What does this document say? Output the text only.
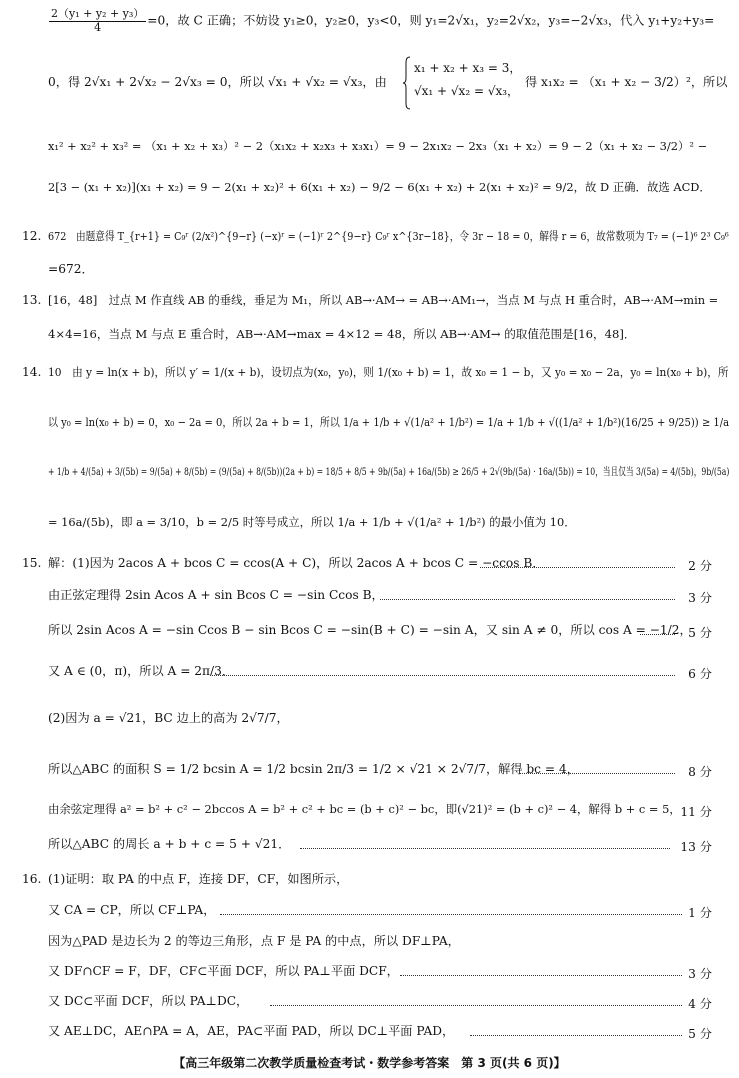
$\frac{\text{2（y₁ + y₂ + y₃）}}{4} =0$，故 C 正确；不妨设 y₁≥0，y₂≥0，y₃<0，则 y₁=2√x₁，y₂=2√x₂，y₃=−2√x₃，代入 y₁+y₂+y₃=
0，得 2√x₁ + 2√x₂ − 2√x₃ = 0，所以 √x₁ + √x₂ = √x₃，由
x₁ + x₂ + x₃ = 3，
√x₁ + √x₂ = √x₃，
得 x₁x₂ = （x₁ + x₂ − 3/2）²，所以
x₁² + x₂² + x₃² = （x₁ + x₂ + x₃）² − 2（x₁x₂ + x₂x₃ + x₃x₁）= 9 − 2x₁x₂ − 2x₃（x₁ + x₂）= 9 − 2（x₁ + x₂ − 3/2）² −
2[3 − (x₁ + x₂)](x₁ + x₂) = 9 − 2(x₁ + x₂)² + 6(x₁ + x₂) − 9/2 − 6(x₁ + x₂) + 2(x₁ + x₂)² = 9/2，故 D 正确．故选 ACD．
12. 672　由题意得 T_{r+1} = C₉ʳ (2/x²)^{9−r} (−x)ʳ = (−1)ʳ 2^{9−r} C₉ʳ x^{3r−18}，令 3r − 18 = 0，解得 r = 6，故常数项为 T₇ = (−1)⁶ 2³ C₉⁶
=672．
13. [16，48]　过点 M 作直线 AB 的垂线，垂足为 M₁，所以 AB→·AM→ = AB→·AM₁→，当点 M 与点 H 重合时，AB→·AM→min =
4×4=16，当点 M 与点 E 重合时，AB→·AM→max = 4×12 = 48，所以 AB→·AM→ 的取值范围是[16，48]．
14. 10　由 y = ln(x + b)，所以 y′ = 1/(x + b)，设切点为(x₀，y₀)，则 1/(x₀ + b) = 1，故 x₀ = 1 − b，又 y₀ = x₀ − 2a，y₀ = ln(x₀ + b)，所
以 y₀ = ln(x₀ + b) = 0，x₀ − 2a = 0，所以 2a + b = 1，所以 1/a + 1/b + √(1/a² + 1/b²) = 1/a + 1/b + √((1/a² + 1/b²)(16/25 + 9/25)) ≥ 1/a
+ 1/b + 4/(5a) + 3/(5b) = 9/(5a) + 8/(5b) = (9/(5a) + 8/(5b))(2a + b) = 18/5 + 8/5 + 9b/(5a) + 16a/(5b) ≥ 26/5 + 2√(9b/(5a) · 16a/(5b)) = 10，当且仅当 3/(5a) = 4/(5b)，9b/(5a)
= 16a/(5b)，即 a = 3/10，b = 2/5 时等号成立，所以 1/a + 1/b + √(1/a² + 1/b²) 的最小值为 10．
15. 解：(1)因为 2acos A + bcos C = ccos(A + C)，所以 2acos A + bcos C = −ccos B．	2 分
由正弦定理得 2sin Acos A + sin Bcos C = −sin Ccos B，	3 分
所以 2sin Acos A = −sin Ccos B − sin Bcos C = −sin(B + C) = −sin A，又 sin A ≠ 0，所以 cos A = −1/2，
5 分
又 A ∈ (0，π)，所以 A = 2π/3．	6 分
(2)因为 a = √21，BC 边上的高为 2√7/7，
所以△ABC 的面积 S = 1/2 bcsin A = 1/2 bcsin 2π/3 = 1/2 × √21 × 2√7/7，解得 bc = 4，	8 分
由余弦定理得 a² = b² + c² − 2bccos A = b² + c² + bc = (b + c)² − bc，即(√21)² = (b + c)² − 4，解得 b + c = 5， 11 分
所以△ABC 的周长 a + b + c = 5 + √21．	13 分
16. (1)证明：取 PA 的中点 F，连接 DF，CF，如图所示，
又 CA = CP，所以 CF⊥PA，	1 分
因为△PAD 是边长为 2 的等边三角形，点 F 是 PA 的中点，所以 DF⊥PA，
又 DF∩CF = F，DF，CF⊂平面 DCF，所以 PA⊥平面 DCF，	3 分
又 DC⊂平面 DCF，所以 PA⊥DC，	4 分
又 AE⊥DC，AE∩PA = A，AE，PA⊂平面 PAD，所以 DC⊥平面 PAD，	5 分
【高三年级第二次教学质量检查考试・数学参考答案　第 3 页(共 6 页)】
